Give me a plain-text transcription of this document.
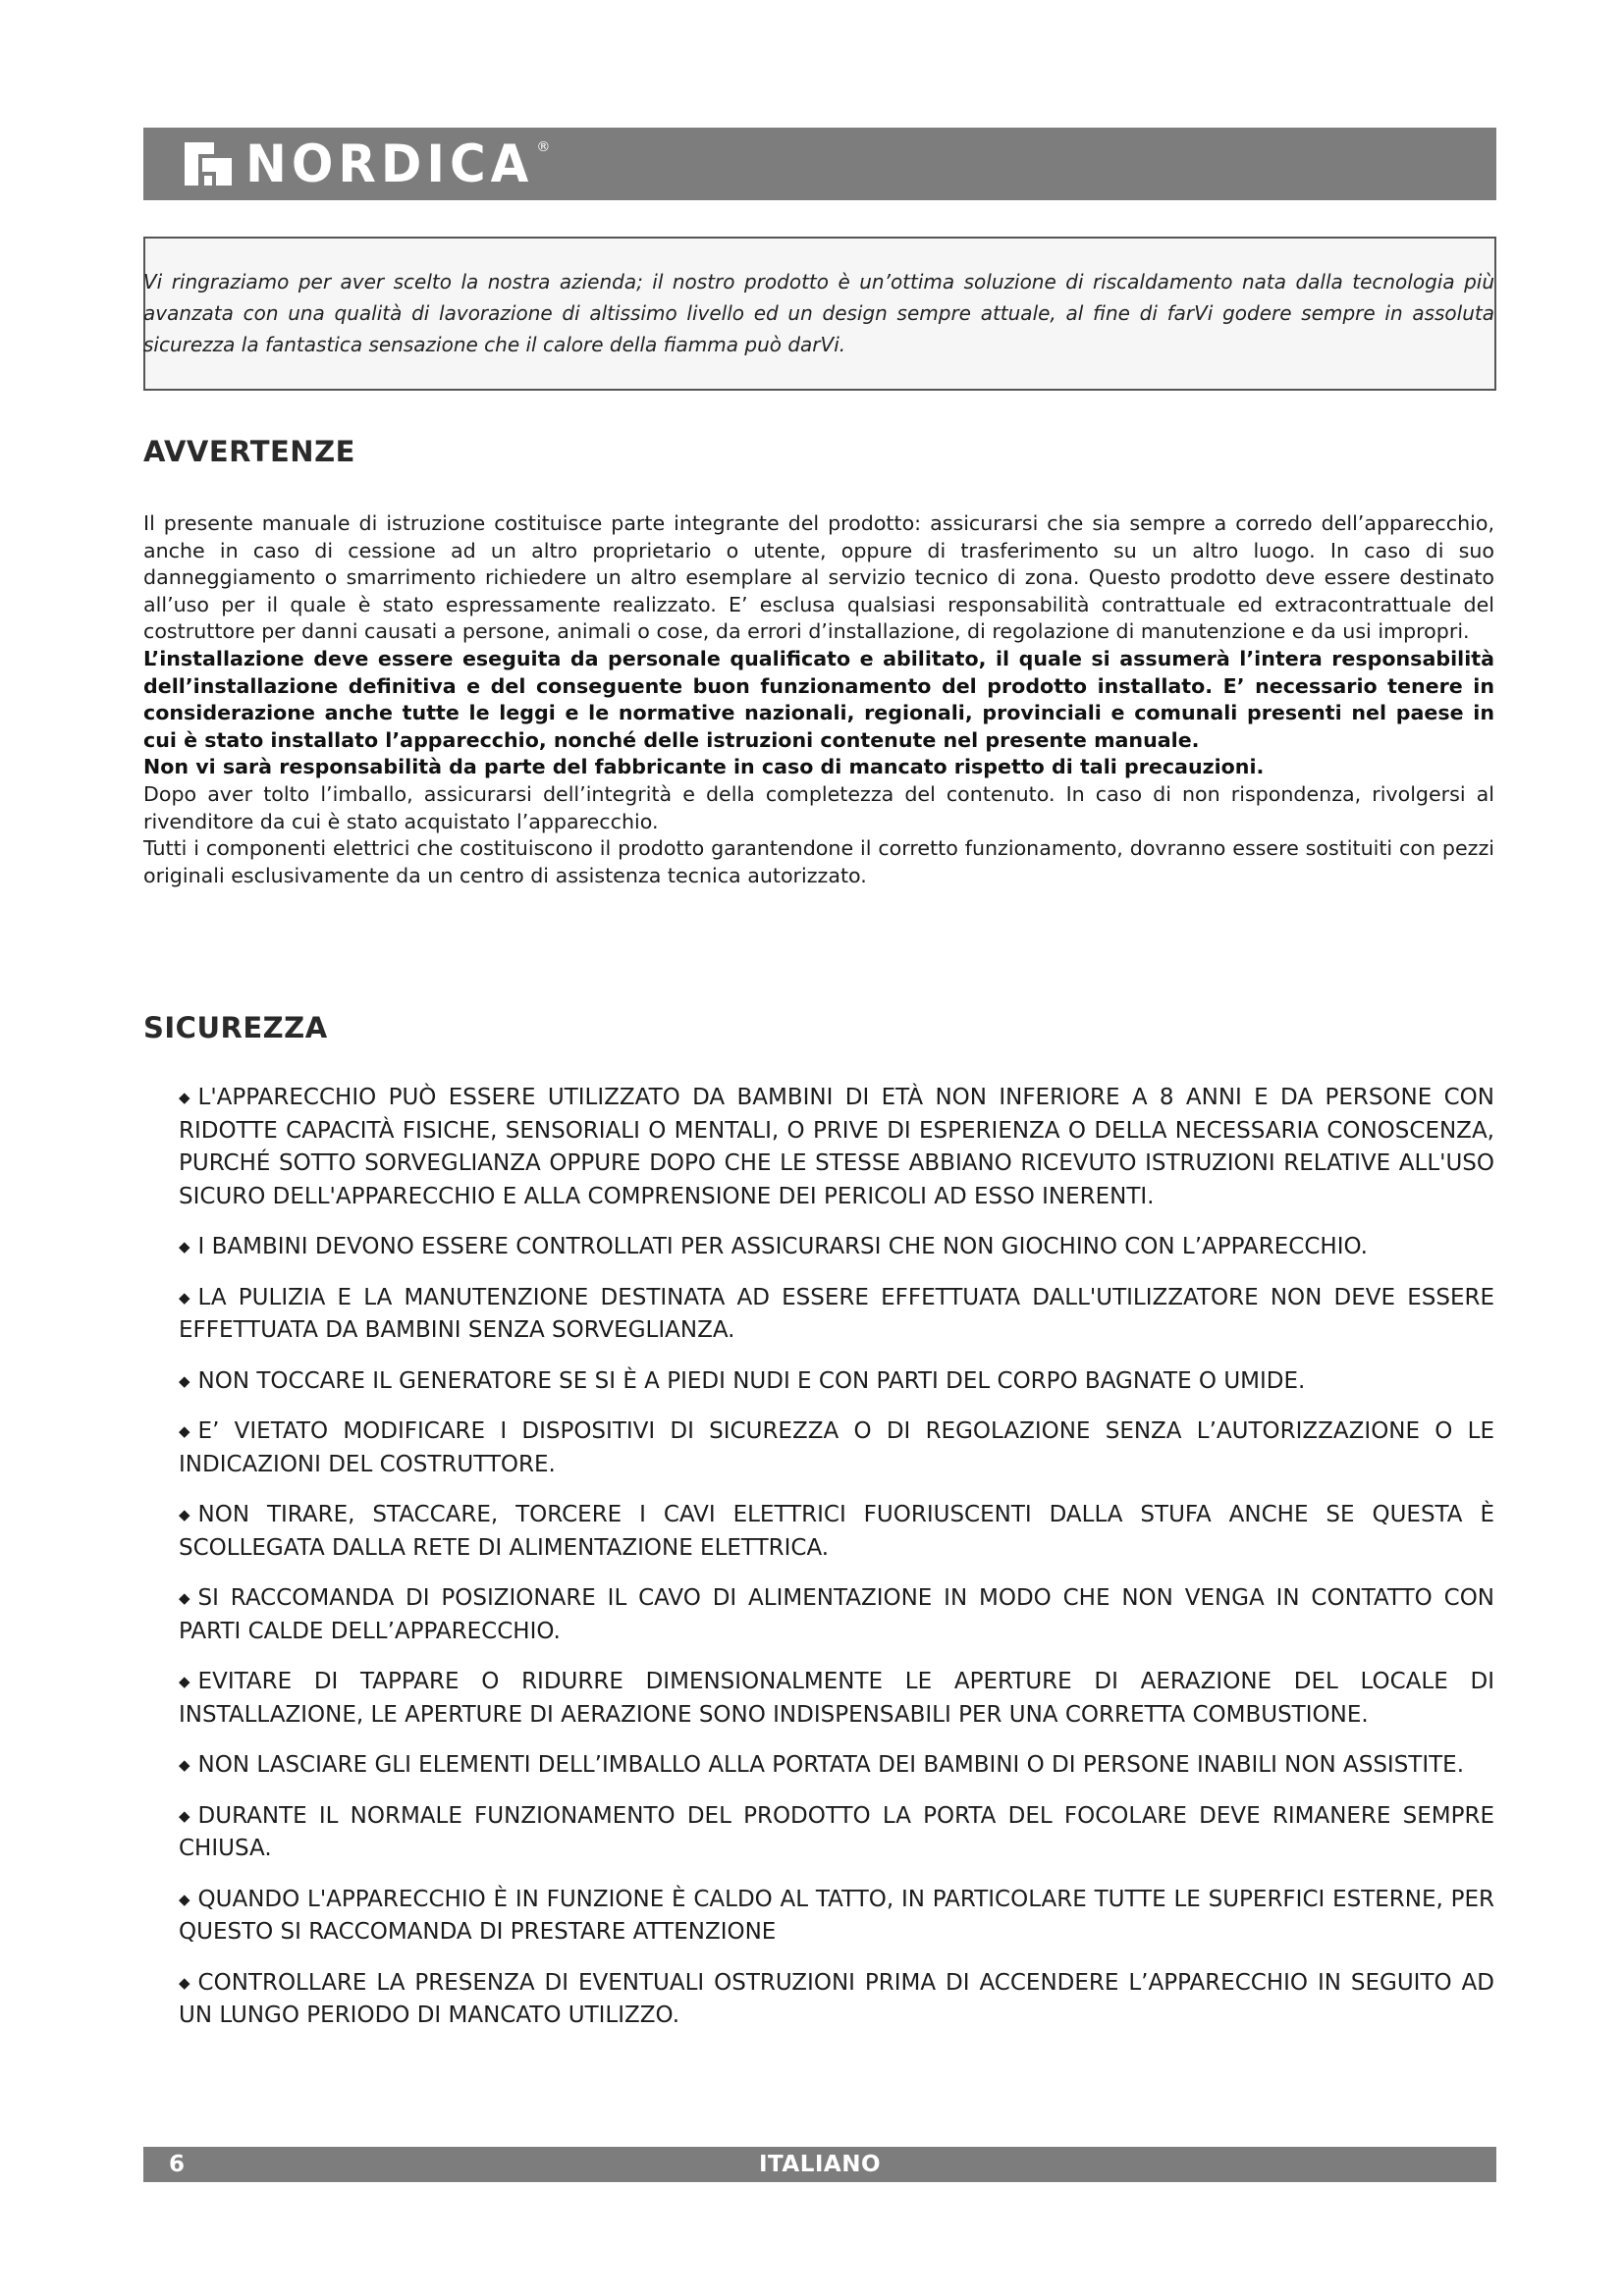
NORDICA ®

Vi ringraziamo per aver scelto la nostra azienda; il nostro prodotto è un’ottima soluzione di riscaldamento nata dalla tecnologia più avanzata con una qualità di lavorazione di altissimo livello ed un design sempre attuale, al fine di farVi godere sempre in assoluta sicurezza la fantastica sensazione che il calore della fiamma può darVi.

AVVERTENZE

Il presente manuale di istruzione costituisce parte integrante del prodotto: assicurarsi che sia sempre a corredo dell’apparecchio, anche in caso di cessione ad un altro proprietario o utente, oppure di trasferimento su un altro luogo. In caso di suo danneggiamento o smarrimento richiedere un altro esemplare al servizio tecnico di zona. Questo prodotto deve essere destinato all’uso per il quale è stato espressamente realizzato. E’ esclusa qualsiasi responsabilità contrattuale ed extracontrattuale del costruttore per danni causati a persone, animali o cose, da errori d’installazione, di regolazione di manutenzione e da usi impropri.

L’installazione deve essere eseguita da personale qualificato e abilitato, il quale si assumerà l’intera responsabilità dell’installazione definitiva e del conseguente buon funzionamento del prodotto installato. E’ necessario tenere in considerazione anche tutte le leggi e le normative nazionali, regionali, provinciali e comunali presenti nel paese in cui è stato installato l’apparecchio, nonché delle istruzioni contenute nel presente manuale.

Non vi sarà responsabilità da parte del fabbricante in caso di mancato rispetto di tali precauzioni.

Dopo aver tolto l’imballo, assicurarsi dell’integrità e della completezza del contenuto. In caso di non rispondenza, rivolgersi al rivenditore da cui è stato acquistato l’apparecchio.

Tutti i componenti elettrici che costituiscono il prodotto garantendone il corretto funzionamento, dovranno essere sostituiti con pezzi originali esclusivamente da un centro di assistenza tecnica autorizzato.

SICUREZZA
◆ L'APPARECCHIO PUÒ ESSERE UTILIZZATO DA BAMBINI DI ETÀ NON INFERIORE A 8 ANNI E DA PERSONE CON RIDOTTE CAPACITÀ FISICHE, SENSORIALI O MENTALI, O PRIVE DI ESPERIENZA O DELLA NECESSARIA CONOSCENZA, PURCHÉ SOTTO SORVEGLIANZA OPPURE DOPO CHE LE STESSE ABBIANO RICEVUTO ISTRUZIONI RELATIVE ALL'USO SICURO DELL'APPARECCHIO E ALLA COMPRENSIONE DEI PERICOLI AD ESSO INERENTI.
◆ I BAMBINI DEVONO ESSERE CONTROLLATI PER ASSICURARSI CHE NON GIOCHINO CON L’APPARECCHIO.
◆ LA PULIZIA E LA MANUTENZIONE DESTINATA AD ESSERE EFFETTUATA DALL'UTILIZZATORE NON DEVE ESSERE EFFETTUATA DA BAMBINI SENZA SORVEGLIANZA.
◆ NON TOCCARE IL GENERATORE SE SI È A PIEDI NUDI E CON PARTI DEL CORPO BAGNATE O UMIDE.
◆ E’ VIETATO MODIFICARE I DISPOSITIVI DI SICUREZZA O DI REGOLAZIONE SENZA L’AUTORIZZAZIONE O LE INDICAZIONI DEL COSTRUTTORE.
◆ NON TIRARE, STACCARE, TORCERE I CAVI ELETTRICI FUORIUSCENTI DALLA STUFA ANCHE SE QUESTA È SCOLLEGATA DALLA RETE DI ALIMENTAZIONE ELETTRICA.
◆ SI RACCOMANDA DI POSIZIONARE IL CAVO DI ALIMENTAZIONE IN MODO CHE NON VENGA IN CONTATTO CON PARTI CALDE DELL’APPARECCHIO.
◆ EVITARE DI TAPPARE O RIDURRE DIMENSIONALMENTE LE APERTURE DI AERAZIONE DEL LOCALE DI INSTALLAZIONE, LE APERTURE DI AERAZIONE SONO INDISPENSABILI PER UNA CORRETTA COMBUSTIONE.
◆ NON LASCIARE GLI ELEMENTI DELL’IMBALLO ALLA PORTATA DEI BAMBINI O DI PERSONE INABILI NON ASSISTITE.
◆ DURANTE IL NORMALE FUNZIONAMENTO DEL PRODOTTO LA PORTA DEL FOCOLARE DEVE RIMANERE SEMPRE CHIUSA.
◆ QUANDO L'APPARECCHIO È IN FUNZIONE È CALDO AL TATTO, IN PARTICOLARE TUTTE LE SUPERFICI ESTERNE, PER QUESTO SI RACCOMANDA DI PRESTARE ATTENZIONE
◆ CONTROLLARE LA PRESENZA DI EVENTUALI OSTRUZIONI PRIMA DI ACCENDERE L’APPARECCHIO IN SEGUITO AD UN LUNGO PERIODO DI MANCATO UTILIZZO.
6	ITALIANO
